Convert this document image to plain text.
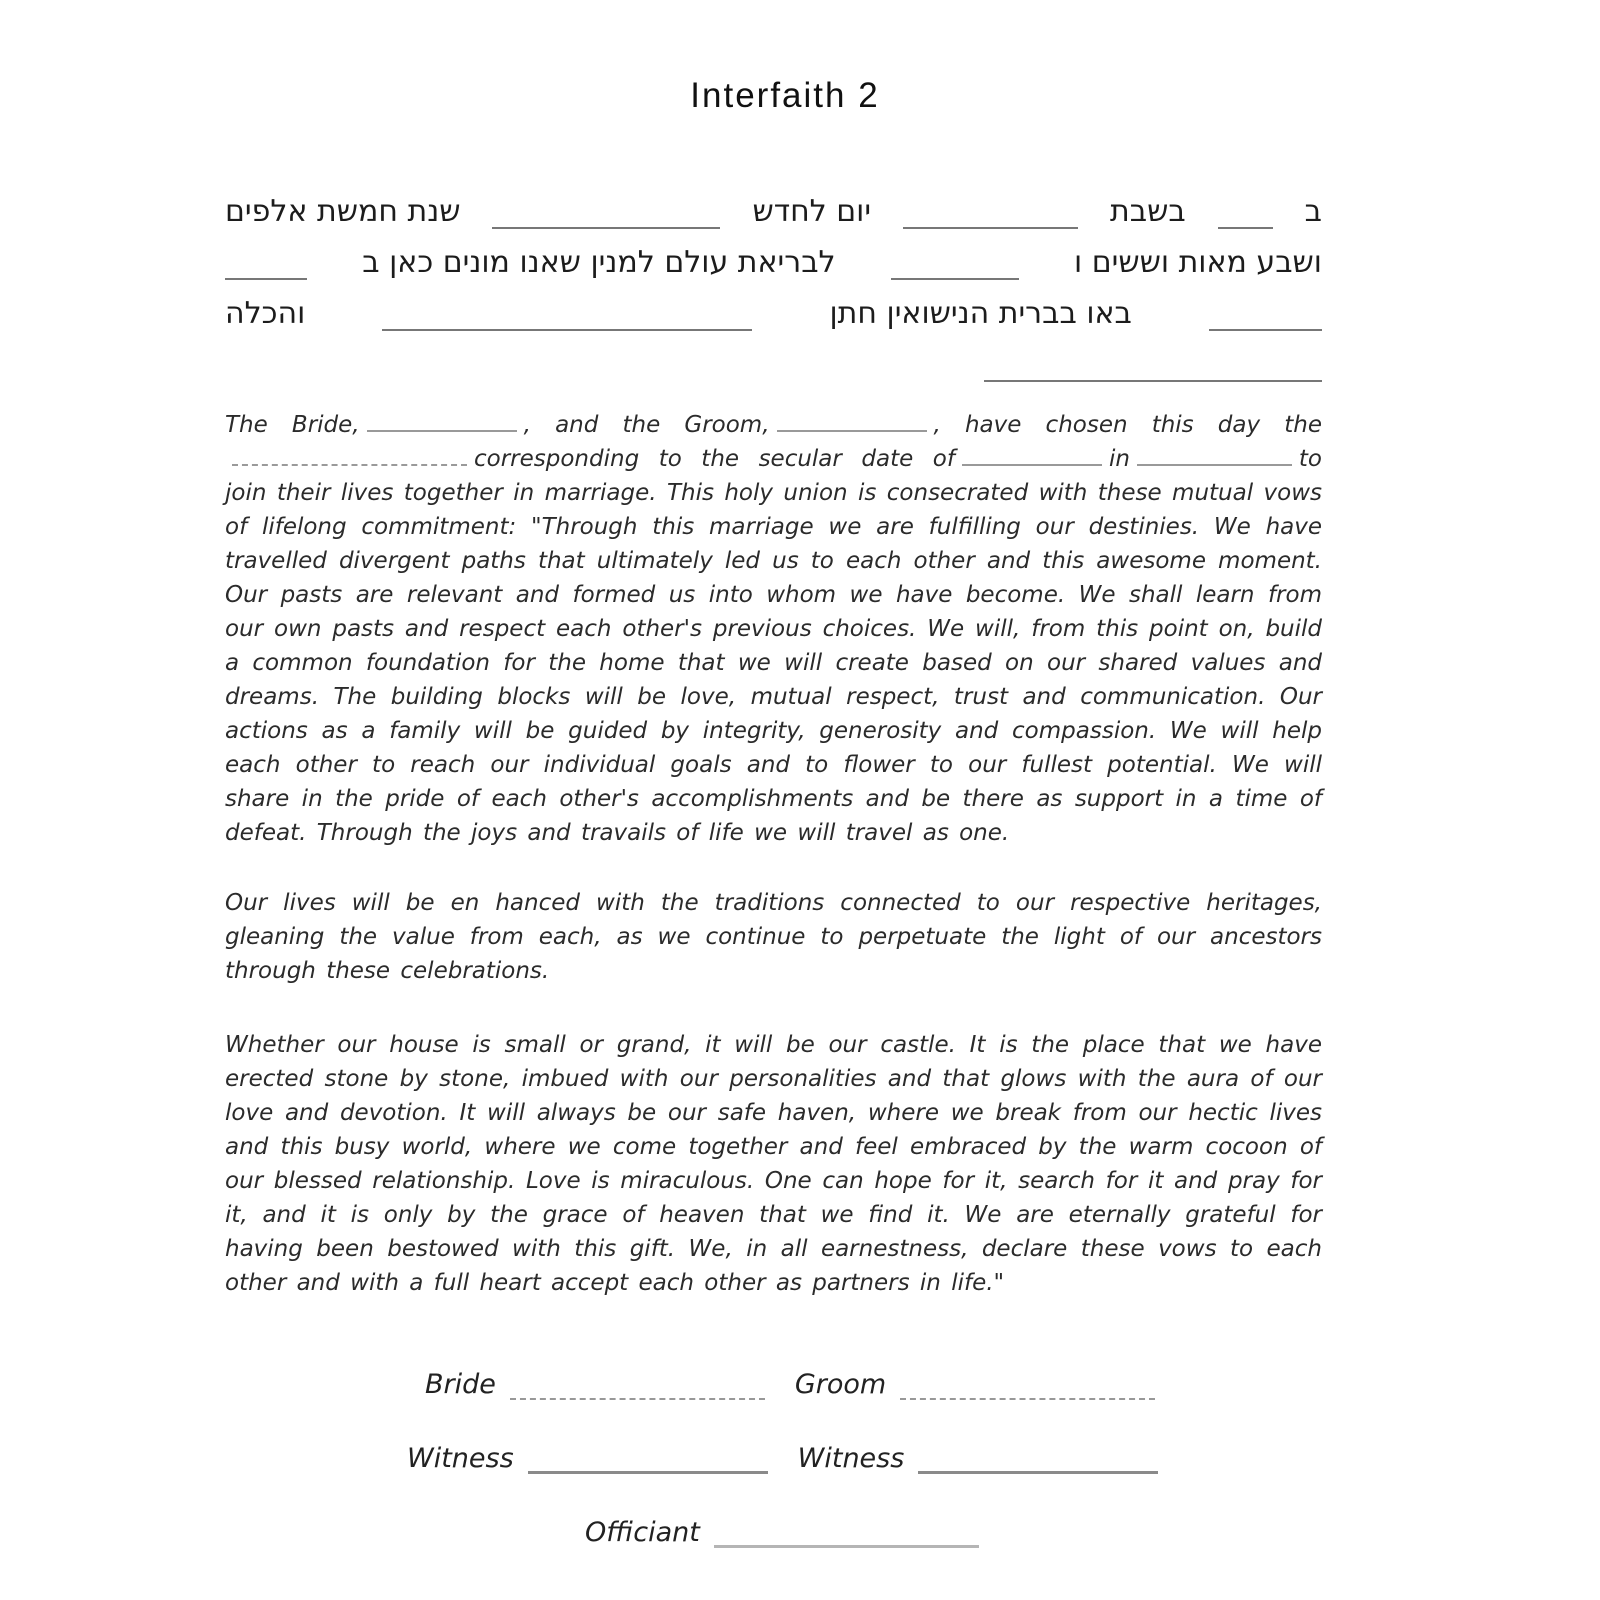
Interfaith 2
ב
בשבת
יום לחדש
שנת חמשת אלפים
ושבע מאות וששים ו
לבריאת עולם למנין שאנו מונים כאן ב
באו בברית הנישואין חתן
והכלה

The Bride,	, and the Groom,	, have chosen this day thecorresponding to the secular date of	in	to join their lives together in marriage. This holy union is consecrated with these mutual vows of lifelong commitment: "Through this marriage we are fulfilling our destinies. We have travelled divergent paths that ultimately led us to each other and this awesome moment. Our pasts are relevant and formed us into whom we have become. We shall learn from our own pasts and respect each other's previous choices. We will, from this point on, build a common foundation for the home that we will create based on our shared values and dreams. The building blocks will be love, mutual respect, trust and communication. Our actions as a family will be guided by integrity, generosity and compassion. We will help each other to reach our individual goals and to flower to our fullest potential. We will share in the pride of each other's accomplishments and be there as support in a time of defeat. Through the joys and travails of life we will travel as one.

Our lives will be en hanced with the traditions connected to our respective heritages, gleaning the value from each, as we continue to perpetuate the light of our ancestors through these celebrations.

Whether our house is small or grand, it will be our castle. It is the place that we have erected stone by stone, imbued with our personalities and that glows with the aura of our love and devotion. It will always be our safe haven, where we break from our hectic lives and this busy world, where we come together and feel embraced by the warm cocoon of our blessed relationship. Love is miraculous. One can hope for it, search for it and pray for it, and it is only by the grace of heaven that we find it. We are eternally grateful for having been bestowed with this gift. We, in all earnestness, declare these vows to each other and with a full heart accept each other as partners in life."

Bride	Groom
Witness	Witness
Officiant
